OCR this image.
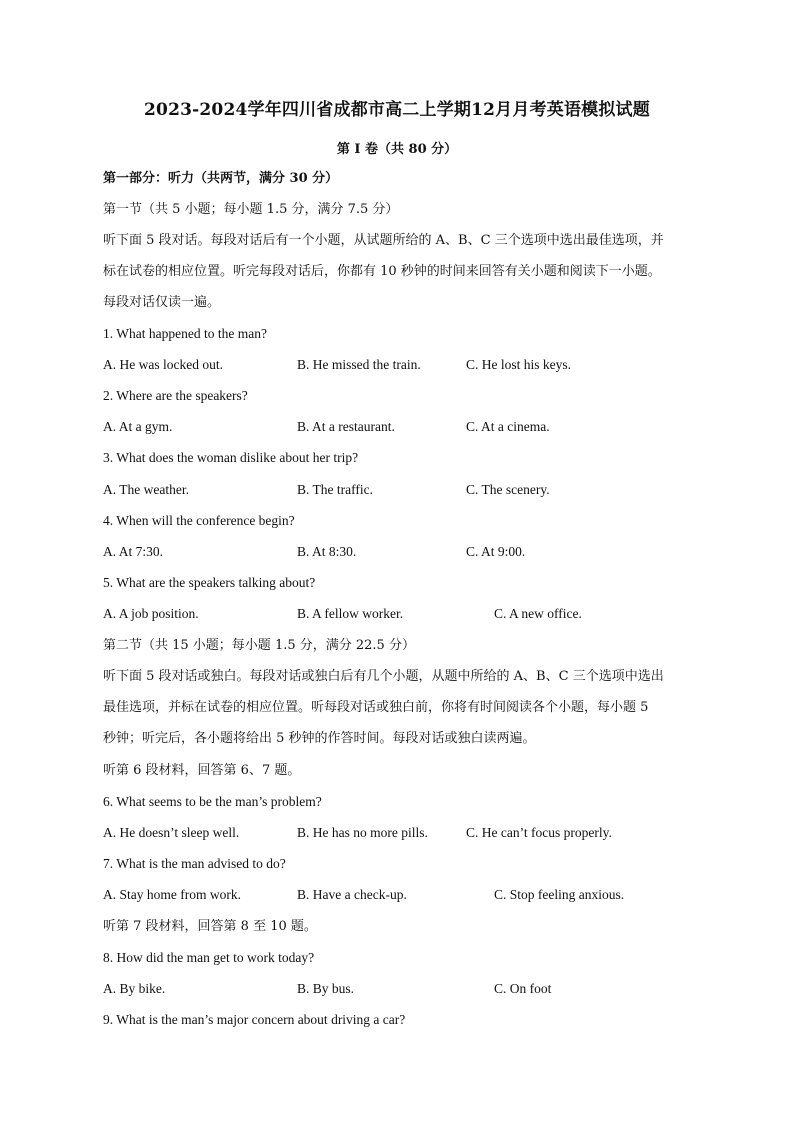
2023-2024学年四川省成都市高二上学期12月月考英语模拟试题
第 I 卷（共 80 分）
第一部分：听力（共两节，满分 30 分）
第一节（共 5 小题；每小题 1.5 分，满分 7.5 分）
听下面 5 段对话。每段对话后有一个小题，从试题所给的 A、B、C 三个选项中选出最佳选项，并
标在试卷的相应位置。听完每段对话后，你都有 10 秒钟的时间来回答有关小题和阅读下一小题。
每段对话仅读一遍。
1. What happened to the man?
A. He was locked out.	B. He missed the train.	C. He lost his keys.
2. Where are the speakers?
A. At a gym.	B. At a restaurant.	C. At a cinema.
3. What does the woman dislike about her trip?
A. The weather.	B. The traffic.	C. The scenery.
4. When will the conference begin?
A. At 7:30.	B. At 8:30.	C. At 9:00.
5. What are the speakers talking about?
A. A job position.	B. A fellow worker.	C. A new office.
第二节（共 15 小题；每小题 1.5 分，满分 22.5 分）
听下面 5 段对话或独白。每段对话或独白后有几个小题，从题中所给的 A、B、C 三个选项中选出
最佳选项，并标在试卷的相应位置。听每段对话或独白前，你将有时间阅读各个小题，每小题 5
秒钟；听完后，各小题将给出 5 秒钟的作答时间。每段对话或独白读两遍。
听第 6 段材料，回答第 6、7 题。
6. What seems to be the man’s problem?
A. He doesn’t sleep well.	B. He has no more pills.	C. He can’t focus properly.
7. What is the man advised to do?
A. Stay home from work.	B. Have a check-up.	C. Stop feeling anxious.
听第 7 段材料，回答第 8 至 10 题。
8. How did the man get to work today?
A. By bike.	B. By bus.	C. On foot
9. What is the man’s major concern about driving a car?
